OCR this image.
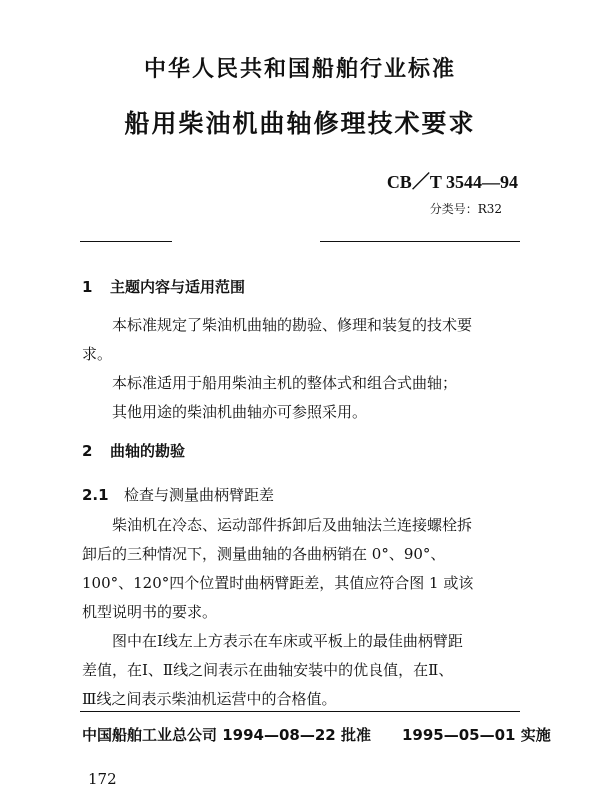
中华人民共和国船舶行业标准
船用柴油机曲轴修理技术要求
CB／T 3544—94
分类号：R32
1 主题内容与适用范围
本标准规定了柴油机曲轴的勘验、修理和装复的技术要
求。
本标准适用于船用柴油主机的整体式和组合式曲轴；
其他用途的柴油机曲轴亦可参照采用。
2 曲轴的勘验
2.1 检查与测量曲柄臂距差
柴油机在冷态、运动部件拆卸后及曲轴法兰连接螺栓拆
卸后的三种情况下，测量曲轴的各曲柄销在 0°、90°、
100°、120°四个位置时曲柄臂距差，其值应符合图 1 或该
机型说明书的要求。
图中在Ⅰ线左上方表示在车床或平板上的最佳曲柄臂距
差值，在Ⅰ、Ⅱ线之间表示在曲轴安装中的优良值，在Ⅱ、
Ⅲ线之间表示柴油机运营中的合格值。
中国船舶工业总公司 1994—08—22 批准 1995—05—01 实施
172
